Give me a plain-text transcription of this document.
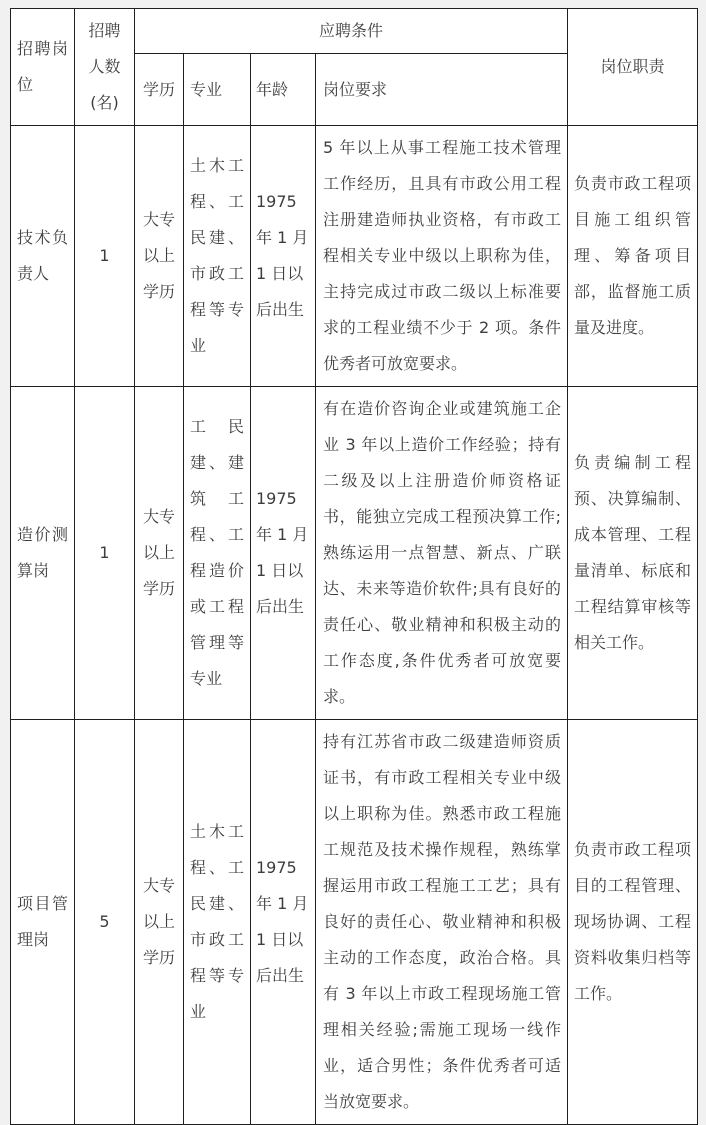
招聘岗位	招聘人数(名)	应聘条件				岗位职责
		学历	专业	年龄	岗位要求	
技术负责人	1	大专以上学历	土木工程、工民建、市政工程等专业	1975 年 1 月 1 日以后出生	5 年以上从事工程施工技术管理工作经历，且具有市政公用工程注册建造师执业资格，有市政工程相关专业中级以上职称为佳，主持完成过市政二级以上标准要求的工程业绩不少于 2 项。条件优秀者可放宽要求。	负责市政工程项目施工组织管理、筹备项目部，监督施工质量及进度。
造价测算岗	1	大专以上学历	工民建、建筑工程、工程造价或工程管理等专业	1975 年 1 月 1 日以后出生	有在造价咨询企业或建筑施工企业 3 年以上造价工作经验；持有二级及以上注册造价师资格证书，能独立完成工程预决算工作;熟练运用一点智慧、新点、广联达、未来等造价软件;具有良好的责任心、敬业精神和积极主动的工作态度,条件优秀者可放宽要求。	负责编制工程预、决算编制、成本管理、工程量清单、标底和工程结算审核等相关工作。
项目管理岗	5	大专以上学历	土木工程、工民建、市政工程等专业	1975 年 1 月 1 日以后出生	持有江苏省市政二级建造师资质证书，有市政工程相关专业中级以上职称为佳。熟悉市政工程施工规范及技术操作规程，熟练掌握运用市政工程施工工艺；具有良好的责任心、敬业精神和积极主动的工作态度，政治合格。具有 3 年以上市政工程现场施工管理相关经验;需施工现场一线作业，适合男性；条件优秀者可适当放宽要求。	负责市政工程项目的工程管理、现场协调、工程资料收集归档等工作。
